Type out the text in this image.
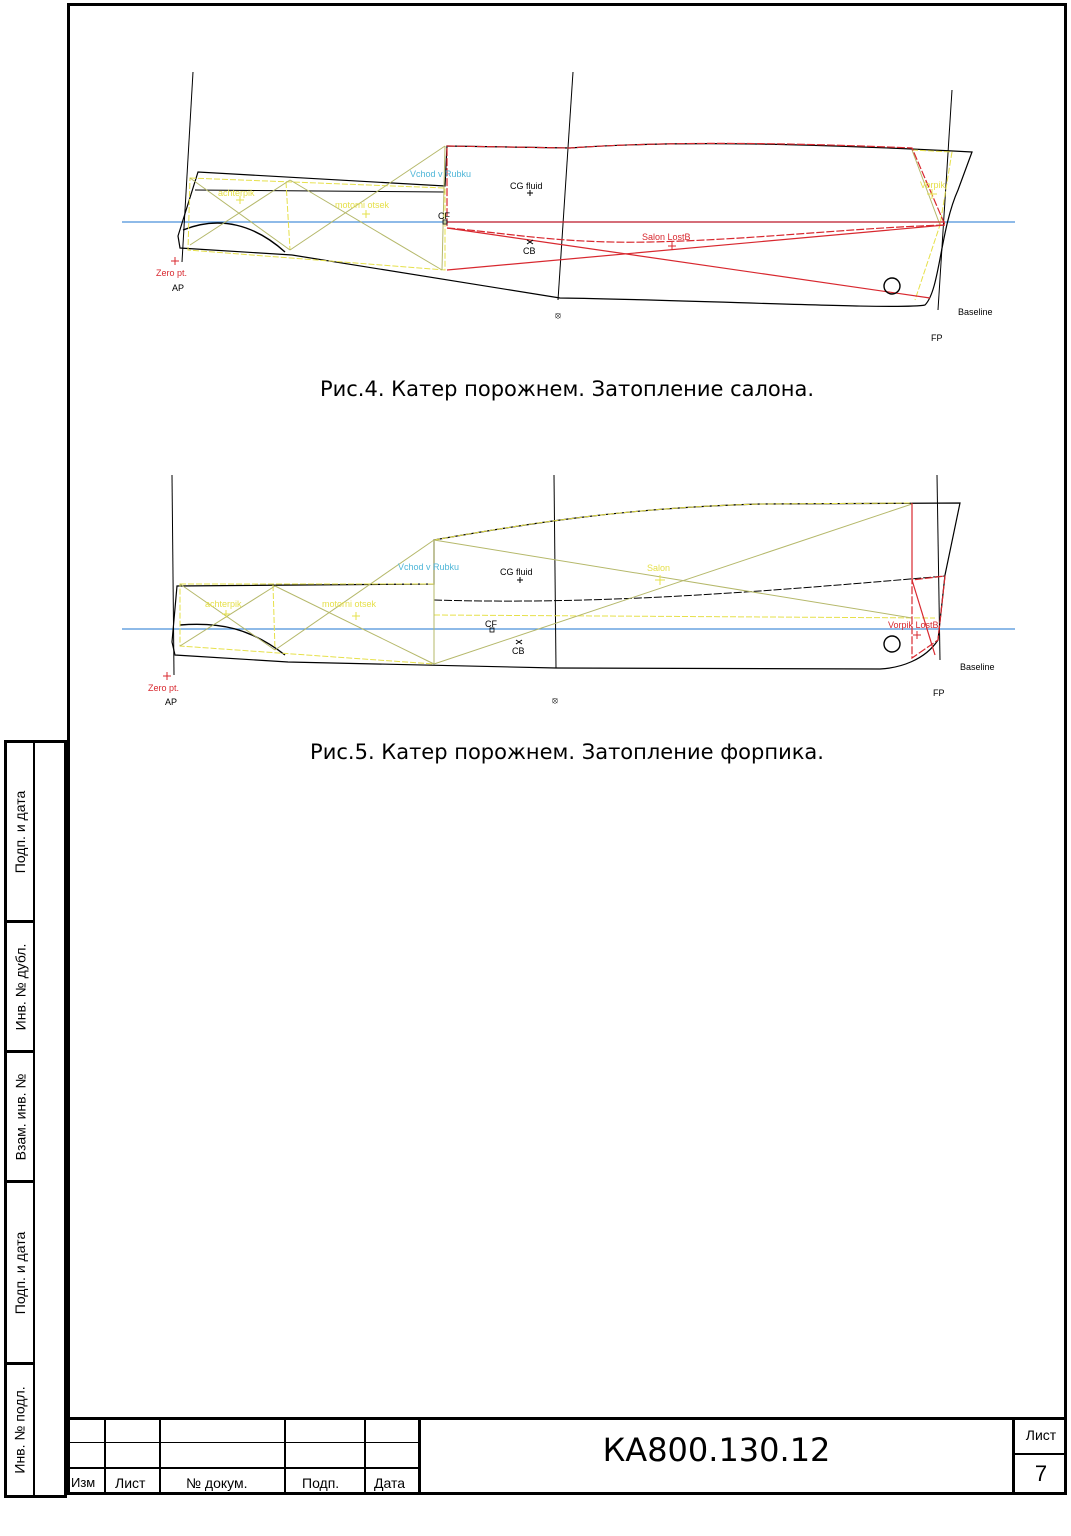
achterpik
motorni otsek
Vchod v Rubku
CG fluid
CF
CB
Salon LostB
Vorpik
Zero pt.
AP
⦻	Baseline
FP
Рис.4. Катер порожнем. Затопление салона.
achterpik	motorni otsek
Vchod v Rubku	CG fluid	Salon
CF
CB
Vorpik LostB
Zero pt.
AP	⦻
Baseline
FP
Рис.5. Катер порожнем. Затопление форпика.
Подп. и дата
Инв. № дубл.
Взам. инв. №
Подп. и дата
Инв. № подл.
Изм Лист	№ докум.	Подп. Дата
КА800.130.12	Лист
7
